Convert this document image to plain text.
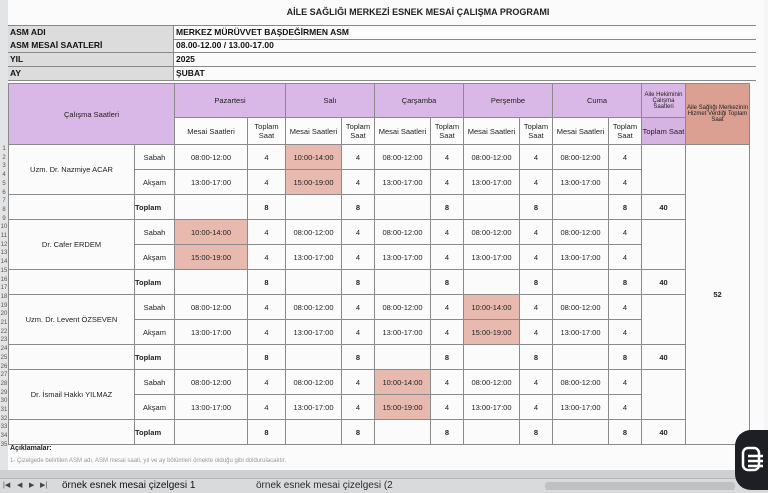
1
2
3
4
5
6
7
8
9
10
11
12
13
14
15
16
17
18
19
20
21
22
23
24
25
26
27
28
29
30
31
32
33
34
35
AİLE SAĞLIĞI MERKEZİ ESNEK MESAİ ÇALIŞMA PROGRAMI
ASM ADI	MERKEZ MÜRÜVVET BAŞDEĞİRMEN ASM
ASM MESAİ SAATLERİ	08.00-12.00 / 13.00-17.00
YIL	2025
AY	ŞUBAT
Çalışma Saatleri		Pazartesi		Salı		Çarşamba		Perşembe		Cuma		Aile Hekiminin Çalışma Saatleri	Aile Sağlığı Merkezinin Hizmet Verdiği Toplam Saat
		Mesai Saatleri	Toplam Saat	Mesai Saatleri	Toplam Saat	Mesai Saatleri	Toplam Saat	Mesai Saatleri	Toplam Saat	Mesai Saatleri	Toplam Saat	Toplam Saat	
Uzm. Dr. Nazmiye ACAR	Sabah	08:00-12:00	4	10:00-14:00	4	08:00-12:00	4	08:00-12:00	4	08:00-12:00	4		52
	Akşam	13:00-17:00	4	15:00-19:00	4	13:00-17:00	4	13:00-17:00	4	13:00-17:00	4		
	Toplam		8		8		8		8		8	40	
Dr. Cafer ERDEM	Sabah	10:00-14:00	4	08:00-12:00	4	08:00-12:00	4	08:00-12:00	4	08:00-12:00	4		
	Akşam	15:00-19:00	4	13:00-17:00	4	13:00-17:00	4	13:00-17:00	4	13:00-17:00	4		
	Toplam		8		8		8		8		8	40	
Uzm. Dr. Levent ÖZSEVEN	Sabah	08:00-12:00	4	08:00-12:00	4	08:00-12:00	4	10:00-14:00	4	08:00-12:00	4		
	Akşam	13:00-17:00	4	13:00-17:00	4	13:00-17:00	4	15:00-19:00	4	13:00-17:00	4		
	Toplam		8		8		8		8		8	40	
Dr. İsmail Hakkı YILMAZ	Sabah	08:00-12:00	4	08:00-12:00	4	10:00-14:00	4	08:00-12:00	4	08:00-12:00	4		
	Akşam	13:00-17:00	4	13:00-17:00	4	15:00-19:00	4	13:00-17:00	4	13:00-17:00	4		
	Toplam		8		8		8		8		8	40	
Açıklamalar:
1- Çizelgede belirtilen ASM adı, ASM mesai saati, yıl ve ay bölümleri örnekte olduğu gibi doldurulacaktır.
|◀ ◀ ▶ ▶| örnek esnek mesai çizelgesi 1	örnek esnek mesai çizelgesi (2
